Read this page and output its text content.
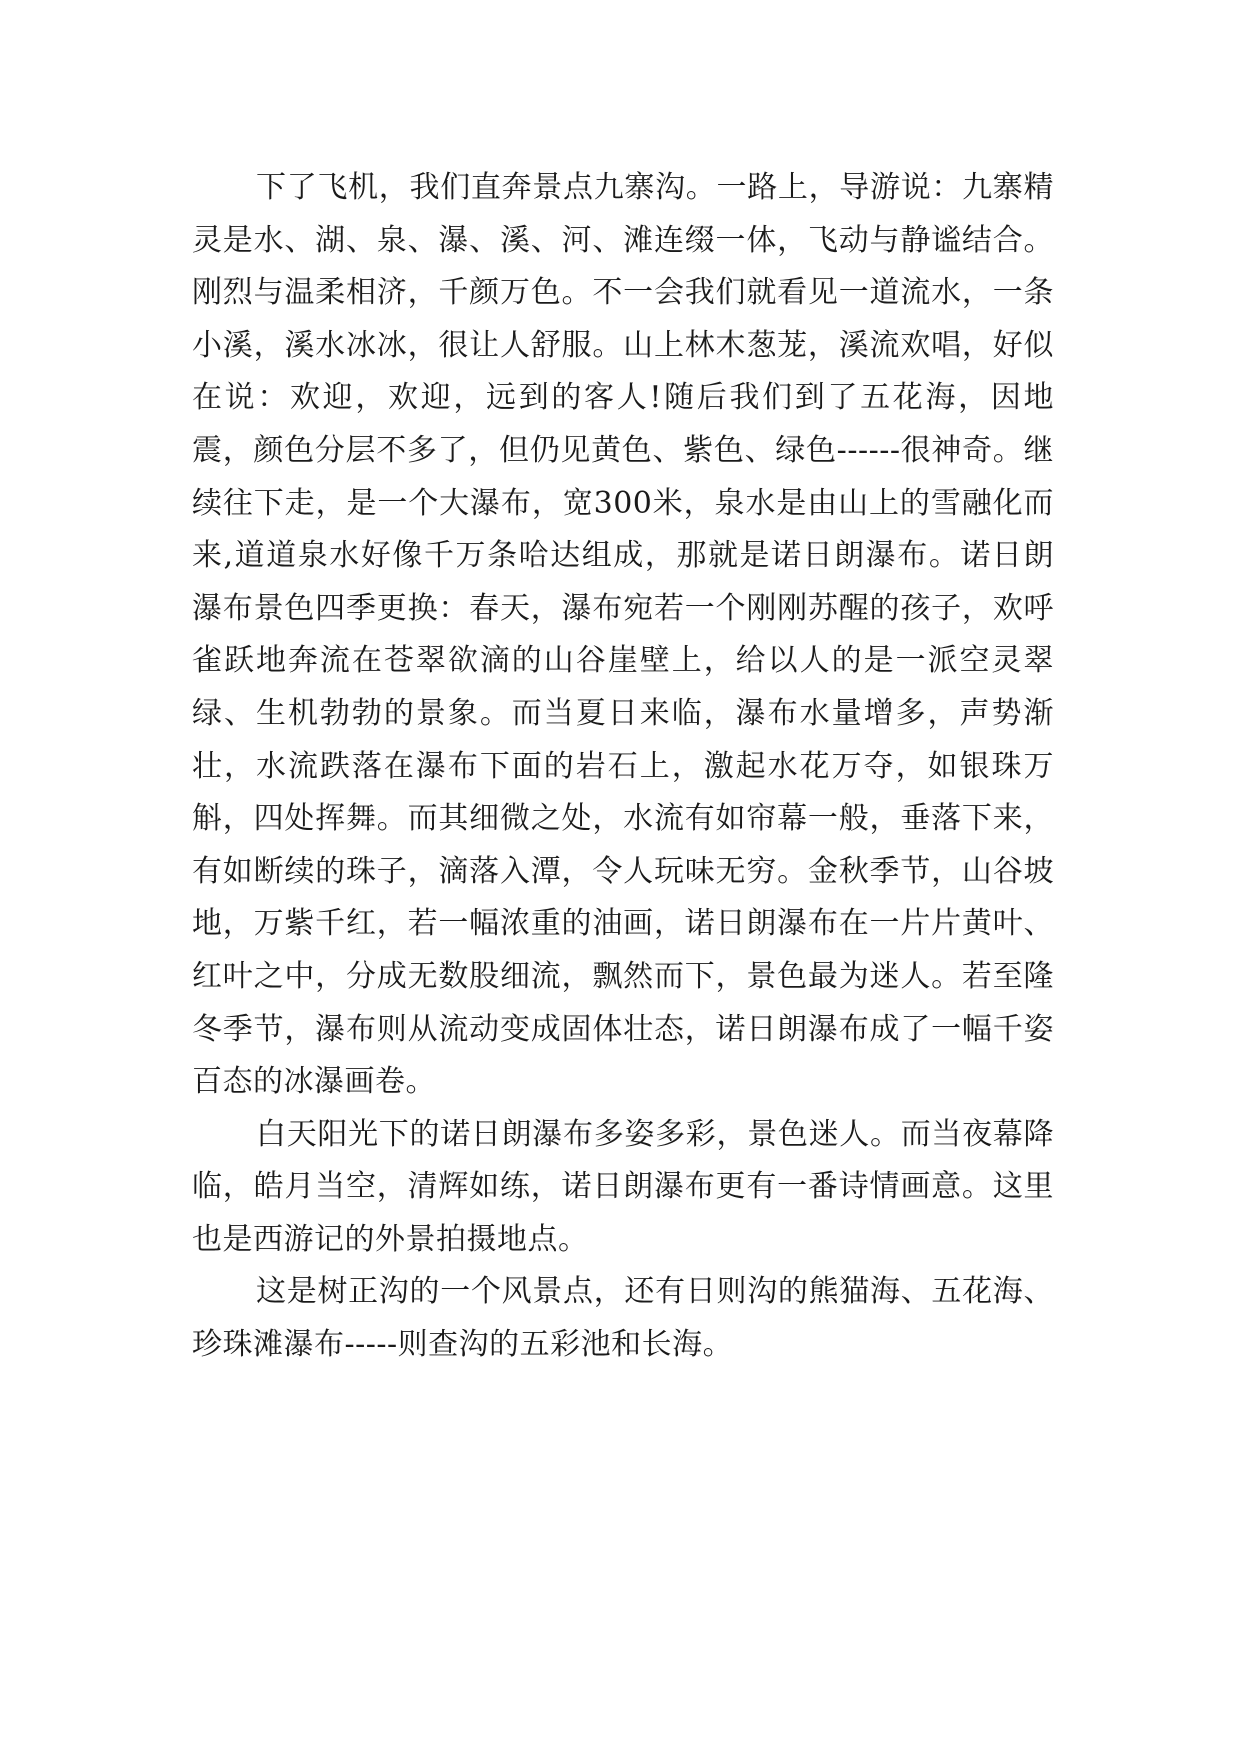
下了飞机，我们直奔景点九寨沟。一路上，导游说：九寨精灵是水、湖、泉、瀑、溪、河、滩连缀一体，飞动与静谧结合。刚烈与温柔相济，千颜万色。不一会我们就看见一道流水，一条小溪，溪水冰冰，很让人舒服。山上林木葱茏，溪流欢唱，好似在说：欢迎，欢迎，远到的客人!随后我们到了五花海，因地震，颜色分层不多了，但仍见黄色、紫色、绿色------很神奇。继续往下走，是一个大瀑布，宽300米，泉水是由山上的雪融化而来,道道泉水好像千万条哈达组成，那就是诺日朗瀑布。诺日朗瀑布景色四季更换：春天，瀑布宛若一个刚刚苏醒的孩子，欢呼雀跃地奔流在苍翠欲滴的山谷崖壁上，给以人的是一派空灵翠绿、生机勃勃的景象。而当夏日来临，瀑布水量增多，声势渐壮，水流跌落在瀑布下面的岩石上，激起水花万夺，如银珠万斛，四处挥舞。而其细微之处，水流有如帘幕一般，垂落下来，有如断续的珠子，滴落入潭，令人玩味无穷。金秋季节，山谷坡地，万紫千红，若一幅浓重的油画，诺日朗瀑布在一片片黄叶、红叶之中，分成无数股细流，飘然而下，景色最为迷人。若至隆冬季节，瀑布则从流动变成固体壮态，诺日朗瀑布成了一幅千姿百态的冰瀑画卷。

白天阳光下的诺日朗瀑布多姿多彩，景色迷人。而当夜幕降临，皓月当空，清辉如练，诺日朗瀑布更有一番诗情画意。这里也是西游记的外景拍摄地点。

这是树正沟的一个风景点，还有日则沟的熊猫海、五花海、珍珠滩瀑布-----则查沟的五彩池和长海。
